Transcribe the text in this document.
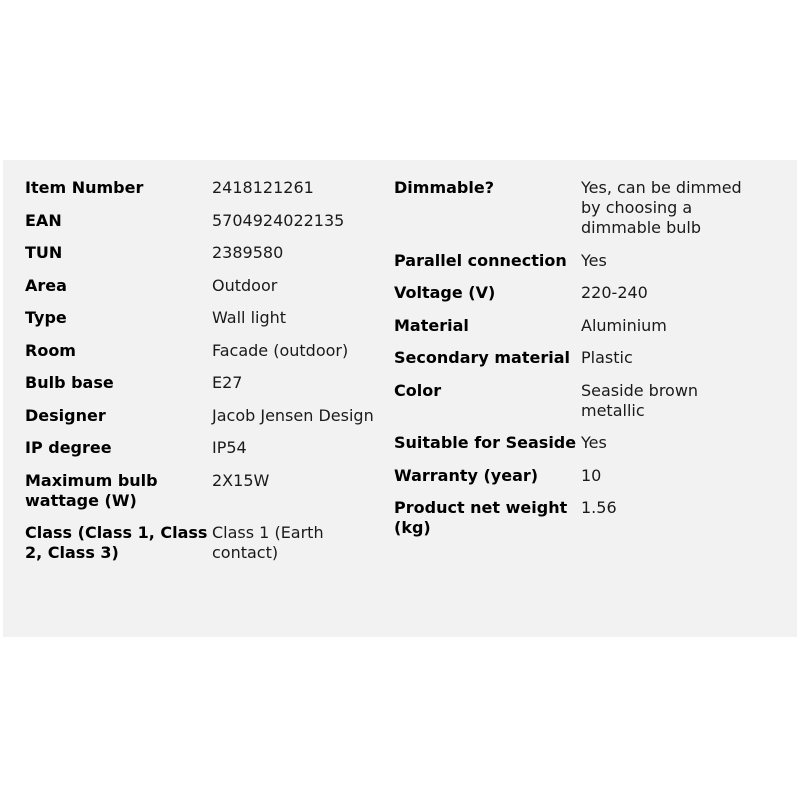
Item Number	2418121261

EAN	5704924022135

TUN	2389580

Area	Outdoor

Type	Wall light

Room	Facade (outdoor)

Bulb base	E27

Designer	Jacob Jensen Design

IP degree	IP54

Maximum bulb wattage (W)	2X15W

Class (Class 1, Class 2, Class 3)	Class 1 (Earth contact)
Dimmable?	Yes, can be dimmed by choosing a dimmable bulb

Parallel connection	Yes

Voltage (V)	220-240

Material	Aluminium

Secondary material	Plastic

Color	Seaside brown metallic

Suitable for Seaside	Yes

Warranty (year)	10

Product net weight (kg)	1.56
